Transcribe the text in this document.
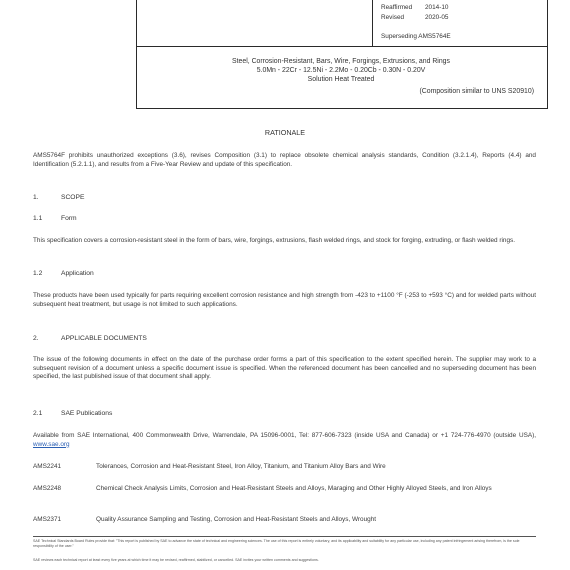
Reaffirmed 2014-10
Revised	2020-05
Superseding AMS5764E
Steel, Corrosion-Resistant, Bars, Wire, Forgings, Extrusions, and Rings
5.0Mn - 22Cr - 12.5Ni - 2.2Mo - 0.20Cb - 0.30N - 0.20V
Solution Heat Treated
(Composition similar to UNS S20910)
RATIONALE

AMS5764F prohibits unauthorized exceptions (3.6), revises Composition (3.1) to replace obsolete chemical analysis standards, Condition (3.2.1.4), Reports (4.4) and Identification (5.2.1.1), and results from a Five-Year Review and update of this specification.

1.	SCOPE
1.1	Form

This specification covers a corrosion-resistant steel in the form of bars, wire, forgings, extrusions, flash welded rings, and stock for forging, extruding, or flash welded rings.

1.2	Application

These products have been used typically for parts requiring excellent corrosion resistance and high strength from -423 to +1100 °F (-253 to +593 °C) and for welded parts without subsequent heat treatment, but usage is not limited to such applications.

2.	APPLICABLE DOCUMENTS

The issue of the following documents in effect on the date of the purchase order forms a part of this specification to the extent specified herein. The supplier may work to a subsequent revision of a document unless a specific document issue is specified. When the referenced document has been cancelled and no superseding document has been specified, the last published issue of that document shall apply.

2.1	SAE Publications

Available from SAE International, 400 Commonwealth Drive, Warrendale, PA 15096-0001, Tel: 877-606-7323 (inside USA and Canada) or +1 724-776-4970 (outside USA), www.sae.org

AMS2241	Tolerances, Corrosion and Heat-Resistant Steel, Iron Alloy, Titanium, and Titanium Alloy Bars and Wire
AMS2248	Chemical Check Analysis Limits, Corrosion and Heat-Resistant Steels and Alloys, Maraging and Other Highly Alloyed Steels, and Iron Alloys
AMS2371	Quality Assurance Sampling and Testing, Corrosion and Heat-Resistant Steels and Alloys, Wrought
SAE Technical Standards Board Rules provide that: "This report is published by SAE to advance the state of technical and engineering sciences. The use of this report is entirely voluntary, and its applicability and suitability for any particular use, including any patent infringement arising therefrom, is the sole responsibility of the user."
SAE reviews each technical report at least every five years at which time it may be revised, reaffirmed, stabilized, or cancelled. SAE invites your written comments and suggestions.
